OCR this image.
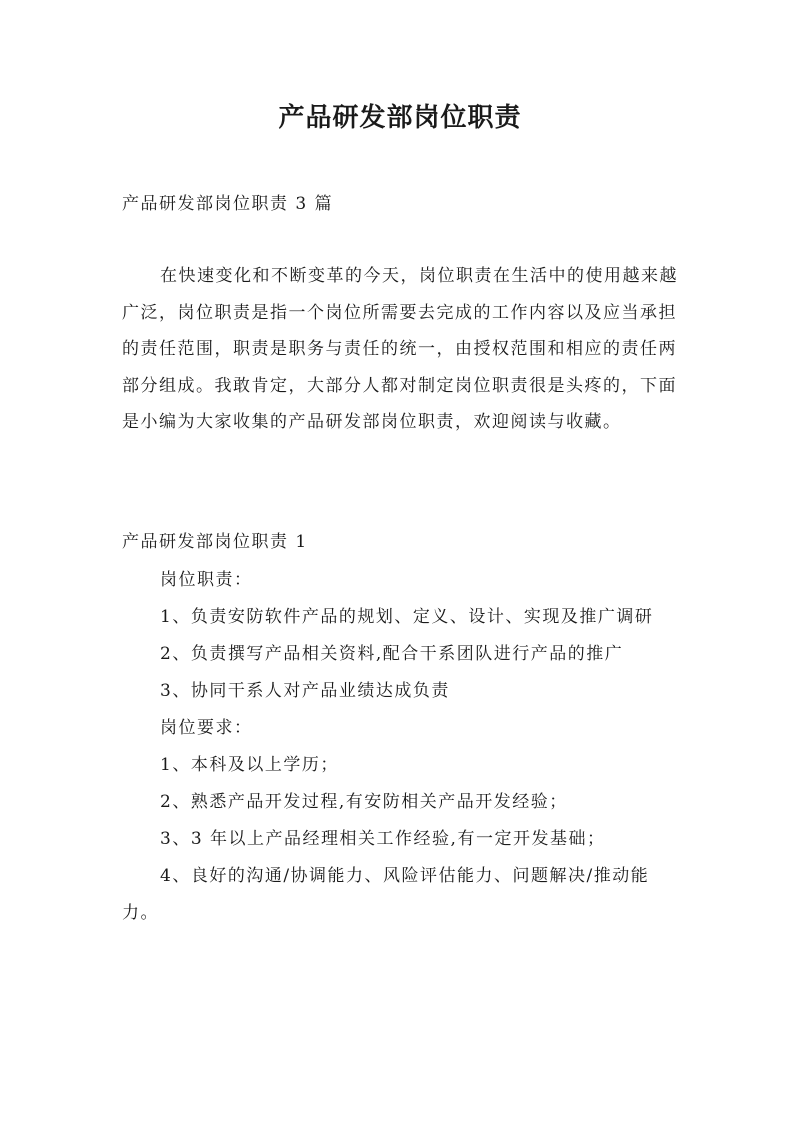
产品研发部岗位职责
产品研发部岗位职责 3 篇

在快速变化和不断变革的今天，岗位职责在生活中的使用越来越广泛，岗位职责是指一个岗位所需要去完成的工作内容以及应当承担的责任范围，职责是职务与责任的统一，由授权范围和相应的责任两部分组成。我敢肯定，大部分人都对制定岗位职责很是头疼的，下面是小编为大家收集的产品研发部岗位职责，欢迎阅读与收藏。

产品研发部岗位职责 1

岗位职责：

1、负责安防软件产品的规划、定义、设计、实现及推广调研

2、负责撰写产品相关资料,配合干系团队进行产品的推广

3、协同干系人对产品业绩达成负责

岗位要求：

1、本科及以上学历；

2、熟悉产品开发过程,有安防相关产品开发经验；

3、3 年以上产品经理相关工作经验,有一定开发基础；

4、良好的沟通/协调能力、风险评估能力、问题解决/推动能力。
